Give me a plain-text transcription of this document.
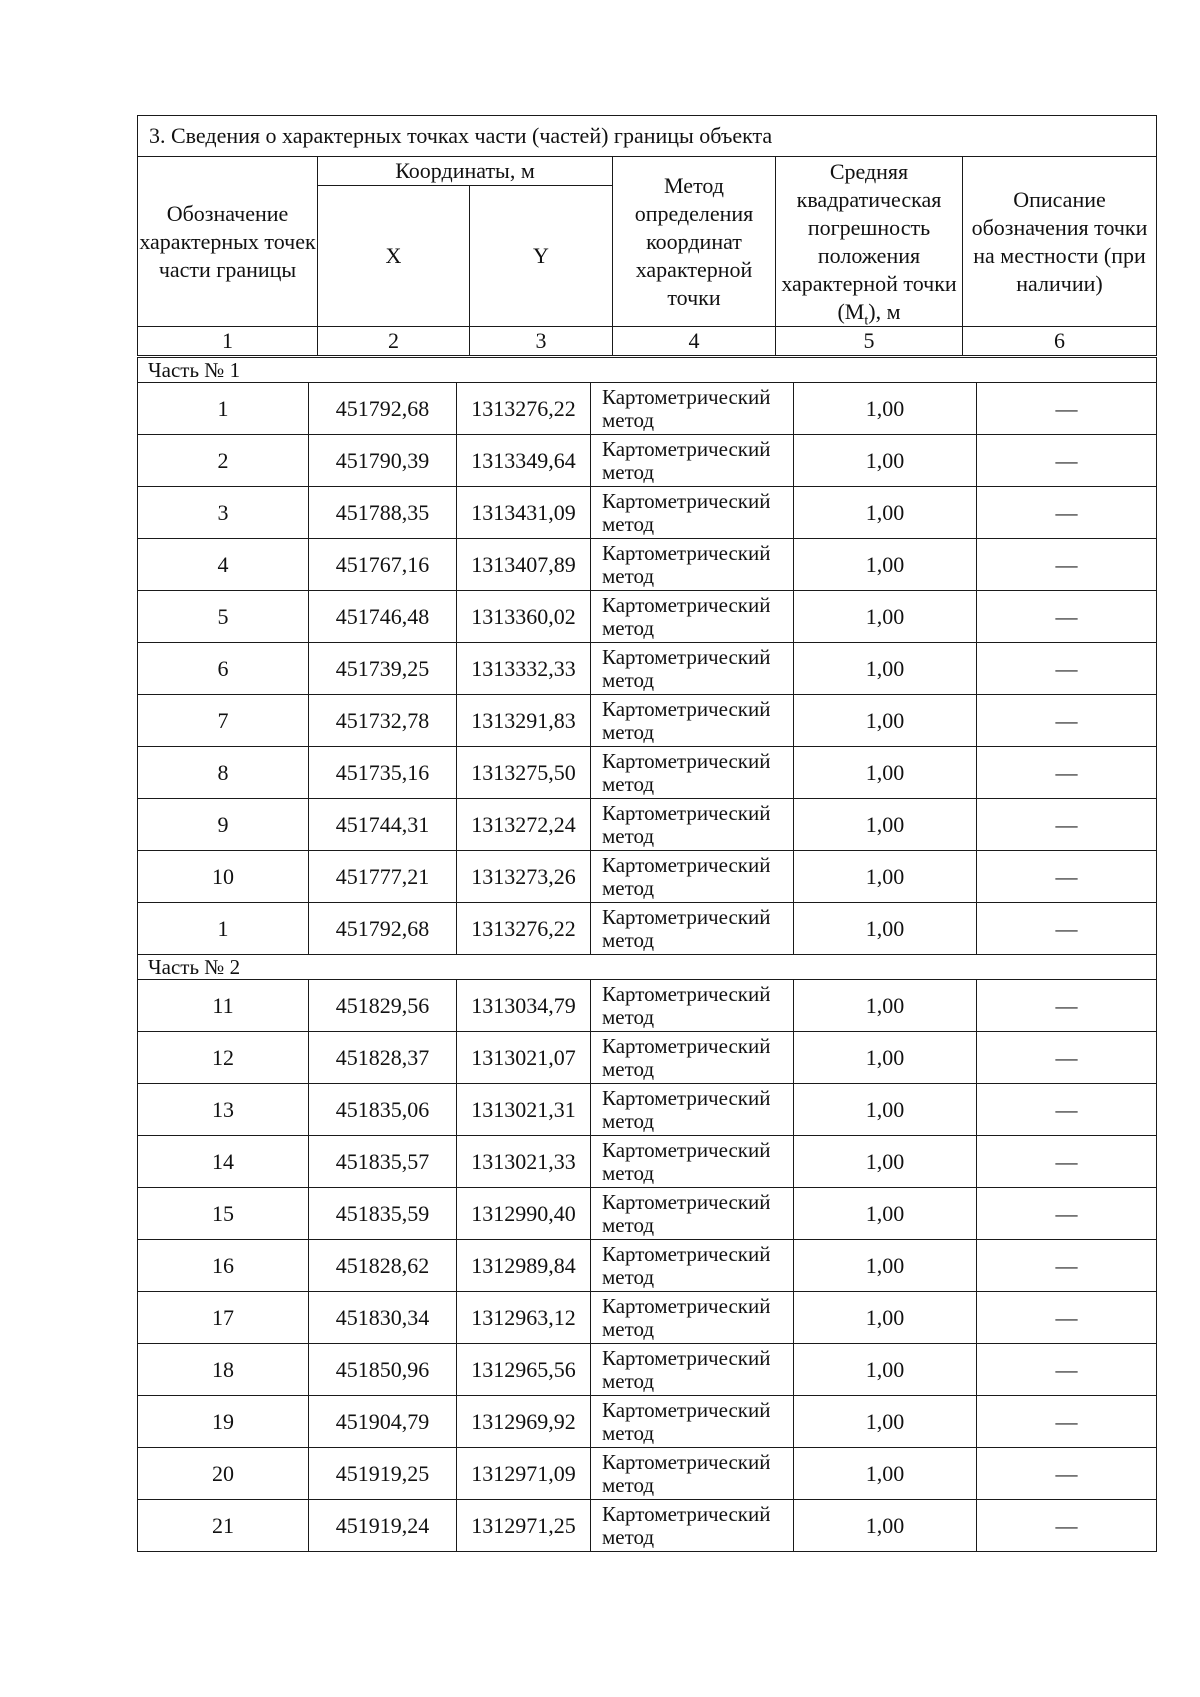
3. Сведения о характерных точках части (частей) границы объекта					
Обозначение характерных точек части границы	Координаты, м		Метод определения координат характерной точки	Средняя квадратическая погрешность положения характерной точки $(M_t)$, м	Описание обозначения точки на местности (при наличии)
	X	Y			
1	2	3	4	5	6
Часть № 1					
1	451792,68	1313276,22	Картометрический метод	1,00	—
2	451790,39	1313349,64	Картометрический метод	1,00	—
3	451788,35	1313431,09	Картометрический метод	1,00	—
4	451767,16	1313407,89	Картометрический метод	1,00	—
5	451746,48	1313360,02	Картометрический метод	1,00	—
6	451739,25	1313332,33	Картометрический метод	1,00	—
7	451732,78	1313291,83	Картометрический метод	1,00	—
8	451735,16	1313275,50	Картометрический метод	1,00	—
9	451744,31	1313272,24	Картометрический метод	1,00	—
10	451777,21	1313273,26	Картометрический метод	1,00	—
1	451792,68	1313276,22	Картометрический метод	1,00	—
Часть № 2					
11	451829,56	1313034,79	Картометрический метод	1,00	—
12	451828,37	1313021,07	Картометрический метод	1,00	—
13	451835,06	1313021,31	Картометрический метод	1,00	—
14	451835,57	1313021,33	Картометрический метод	1,00	—
15	451835,59	1312990,40	Картометрический метод	1,00	—
16	451828,62	1312989,84	Картометрический метод	1,00	—
17	451830,34	1312963,12	Картометрический метод	1,00	—
18	451850,96	1312965,56	Картометрический метод	1,00	—
19	451904,79	1312969,92	Картометрический метод	1,00	—
20	451919,25	1312971,09	Картометрический метод	1,00	—
21	451919,24	1312971,25	Картометрический метод	1,00	—
